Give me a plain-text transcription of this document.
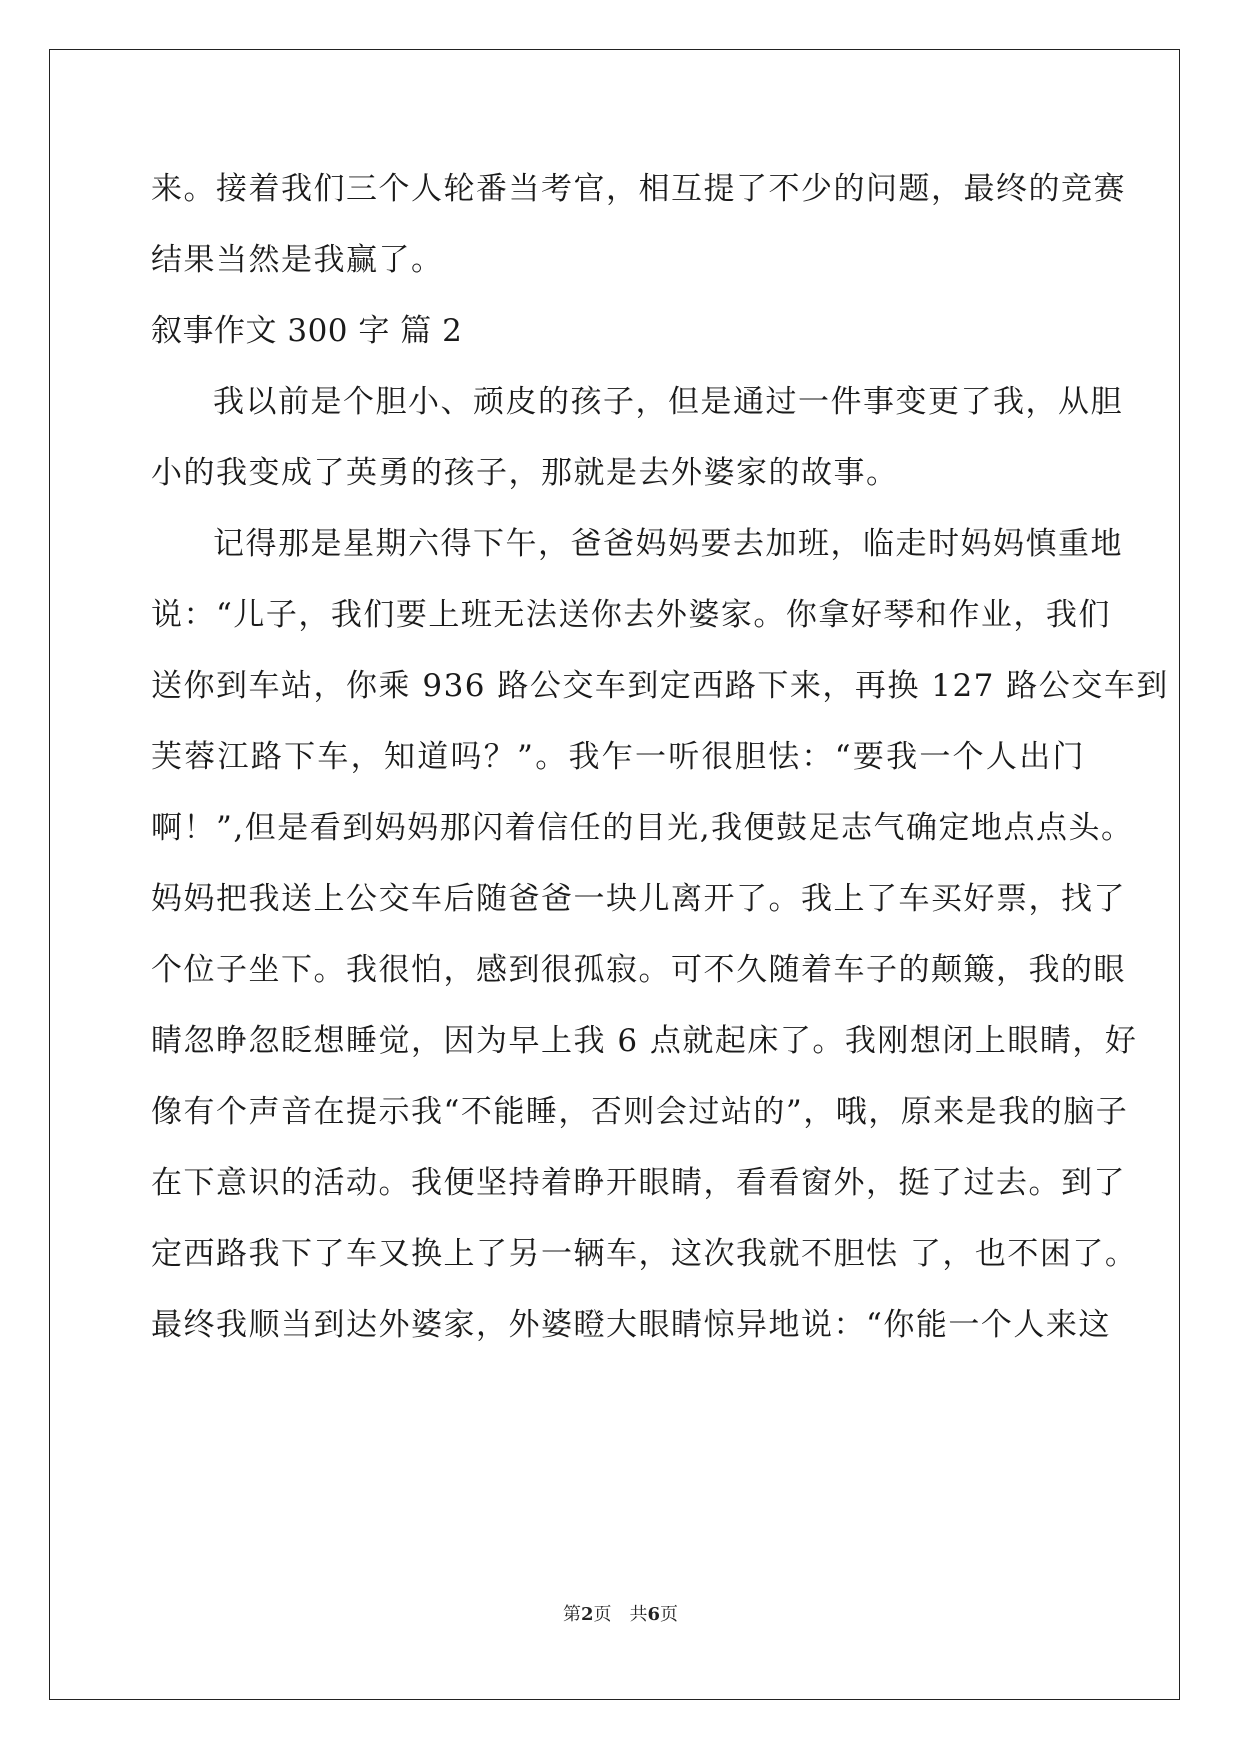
来。接着我们三个人轮番当考官，相互提了不少的问题，最终的竞赛
结果当然是我赢了。
叙事作文 300 字 篇 2
我以前是个胆小、顽皮的孩子，但是通过一件事变更了我，从胆
小的我变成了英勇的孩子，那就是去外婆家的故事。
记得那是星期六得下午，爸爸妈妈要去加班，临走时妈妈慎重地
说：“儿子，我们要上班无法送你去外婆家。你拿好琴和作业，我们
送你到车站，你乘 936 路公交车到定西路下来，再换 127 路公交车到
芙蓉江路下车，知道吗？”。我乍一听很胆怯：“要我一个人出门
啊！”,但是看到妈妈那闪着信任的目光,我便鼓足志气确定地点点头。
妈妈把我送上公交车后随爸爸一块儿离开了。我上了车买好票，找了
个位子坐下。我很怕，感到很孤寂。可不久随着车子的颠簸，我的眼
睛忽睁忽眨想睡觉，因为早上我 6 点就起床了。我刚想闭上眼睛，好
像有个声音在提示我“不能睡，否则会过站的”，哦，原来是我的脑子
在下意识的活动。我便坚持着睁开眼睛，看看窗外，挺了过去。到了
定西路我下了车又换上了另一辆车，这次我就不胆怯 了，也不困了。
最终我顺当到达外婆家，外婆瞪大眼睛惊异地说：“你能一个人来这
第2页 共6页
